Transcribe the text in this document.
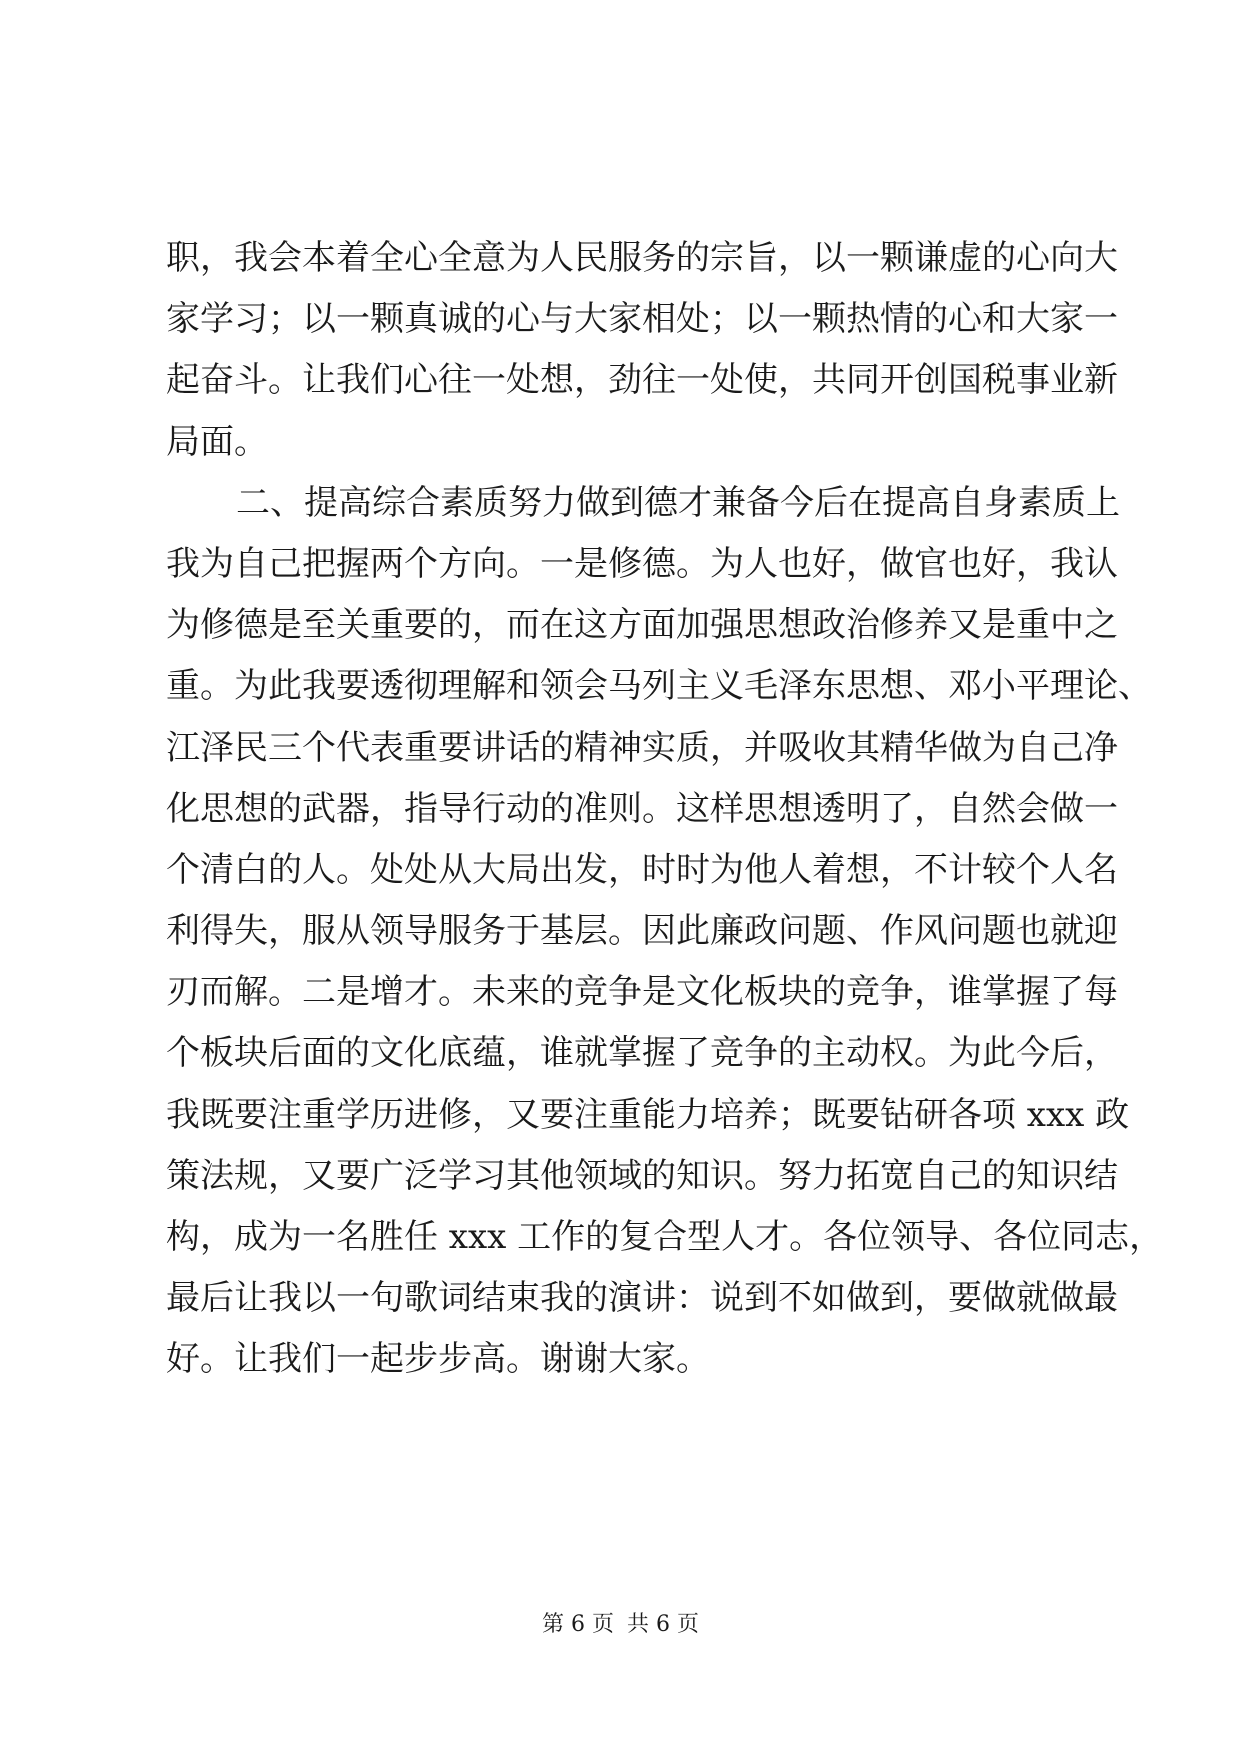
职，我会本着全心全意为人民服务的宗旨，以一颗谦虚的心向大
家学习；以一颗真诚的心与大家相处；以一颗热情的心和大家一
起奋斗。让我们心往一处想，劲往一处使，共同开创国税事业新
局面。
二、提高综合素质努力做到德才兼备今后在提高自身素质上
我为自己把握两个方向。一是修德。为人也好，做官也好，我认
为修德是至关重要的，而在这方面加强思想政治修养又是重中之
重。为此我要透彻理解和领会马列主义毛泽东思想、邓小平理论、
江泽民三个代表重要讲话的精神实质，并吸收其精华做为自己净
化思想的武器，指导行动的准则。这样思想透明了，自然会做一
个清白的人。处处从大局出发，时时为他人着想，不计较个人名
利得失，服从领导服务于基层。因此廉政问题、作风问题也就迎
刃而解。二是增才。未来的竞争是文化板块的竞争，谁掌握了每
个板块后面的文化底蕴，谁就掌握了竞争的主动权。为此今后，
我既要注重学历进修，又要注重能力培养；既要钻研各项 xxx 政
策法规，又要广泛学习其他领域的知识。努力拓宽自己的知识结
构，成为一名胜任 xxx 工作的复合型人才。各位领导、各位同志，
最后让我以一句歌词结束我的演讲：说到不如做到，要做就做最
好。让我们一起步步高。谢谢大家。
第 6 页 共 6 页
